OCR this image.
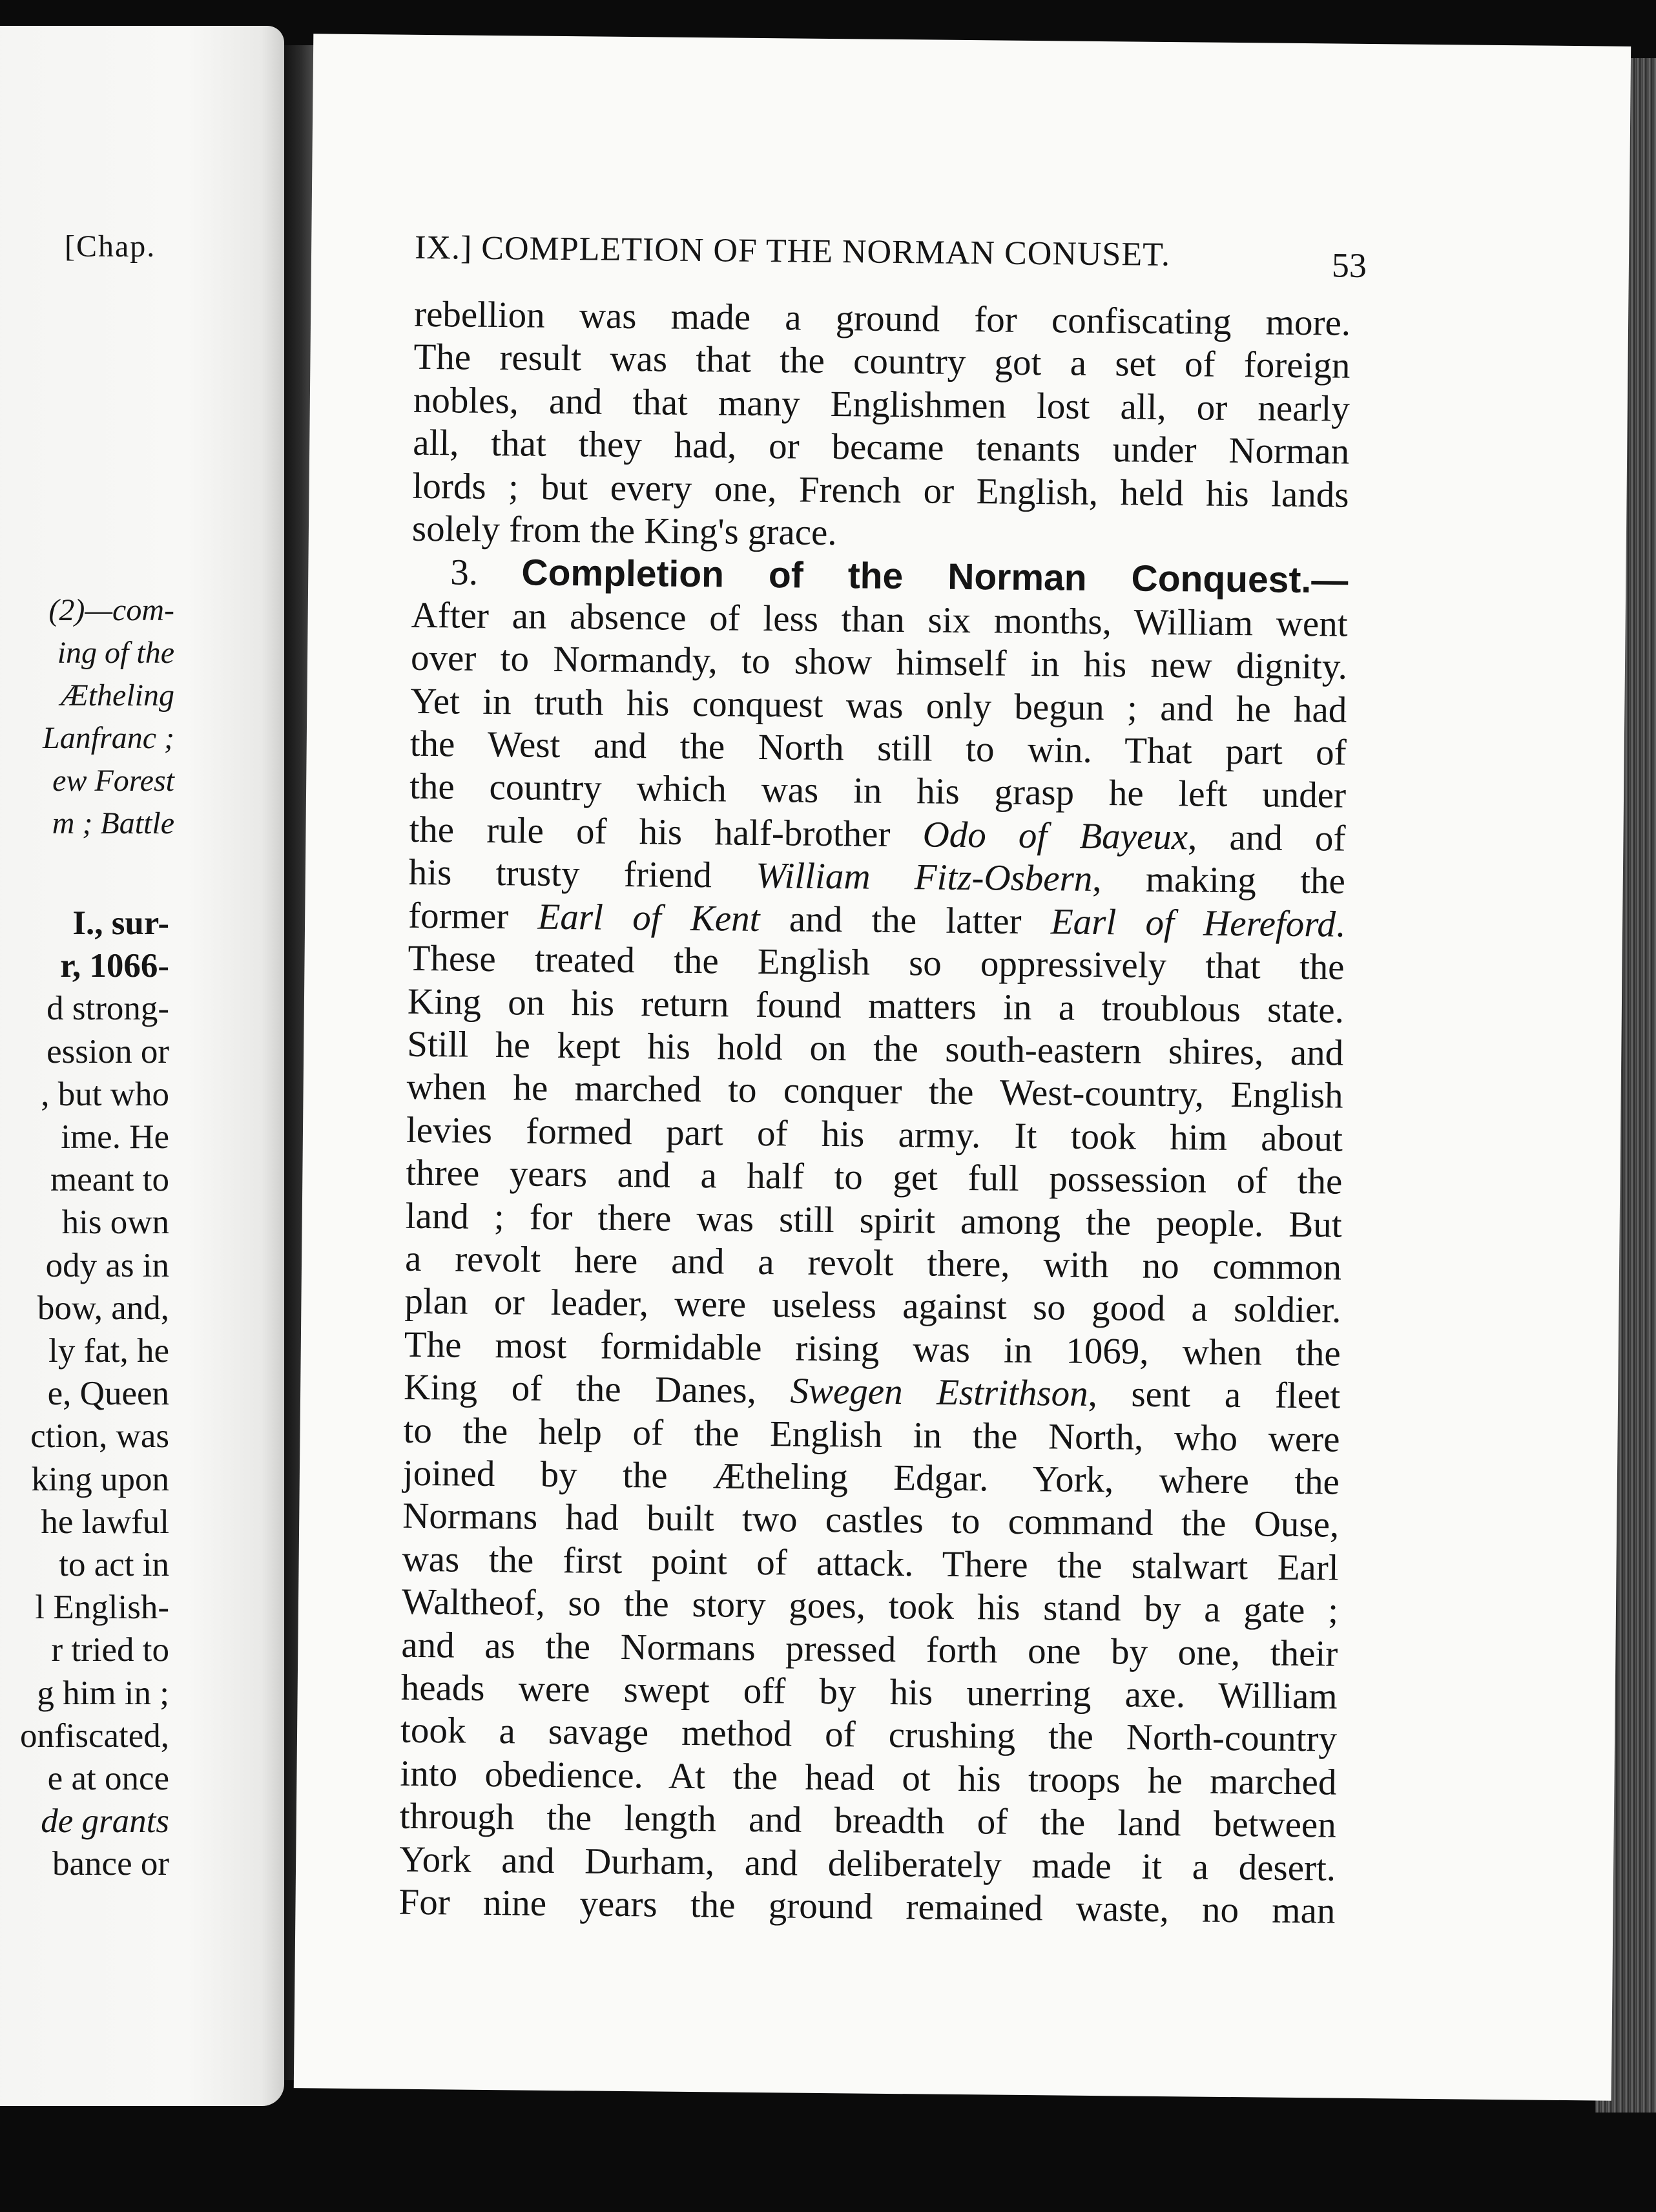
[Chap.

(2)—com-
ing of the
Ætheling
Lanfranc ;
ew Forest
m ; Battle
I., sur-
r, 1066-
d strong-
ession or
, but who
ime. He
meant to
his own
ody as in
bow, and,
ly fat, he
e, Queen
ction, was
king upon
he lawful
to act in
l English-
r tried to
g him in ;
onfiscated,
e at once
de grants
bance or
IX.] COMPLETION OF THE NORMAN CONUSET.	53

rebellion was made a ground for confiscating more.

The result was that the country got a set of foreign

nobles, and that many Englishmen lost all, or nearly

all, that they had, or became tenants under Norman

lords ; but every one, French or English, held his lands

solely from the King's grace.

3. Completion of the Norman Conquest.—

After an absence of less than six months, William went

over to Normandy, to show himself in his new dignity.

Yet in truth his conquest was only begun ; and he had

the West and the North still to win. That part of

the country which was in his grasp he left under

the rule of his half-brother Odo of Bayeux, and of

his trusty friend William Fitz-Osbern, making the

former Earl of Kent and the latter Earl of Hereford.

These treated the English so oppressively that the

King on his return found matters in a troublous state.

Still he kept his hold on the south-eastern shires, and

when he marched to conquer the West-country, English

levies formed part of his army. It took him about

three years and a half to get full possession of the

land ; for there was still spirit among the people. But

a revolt here and a revolt there, with no common

plan or leader, were useless against so good a soldier.

The most formidable rising was in 1069, when the

King of the Danes, Swegen Estrithson, sent a fleet

to the help of the English in the North, who were

joined by the Ætheling Edgar. York, where the

Normans had built two castles to command the Ouse,

was the first point of attack. There the stalwart Earl

Waltheof, so the story goes, took his stand by a gate ;

and as the Normans pressed forth one by one, their

heads were swept off by his unerring axe. William

took a savage method of crushing the North-country

into obedience. At the head ot his troops he marched

through the length and breadth of the land between

York and Durham, and deliberately made it a desert.

For nine years the ground remained waste, no man
